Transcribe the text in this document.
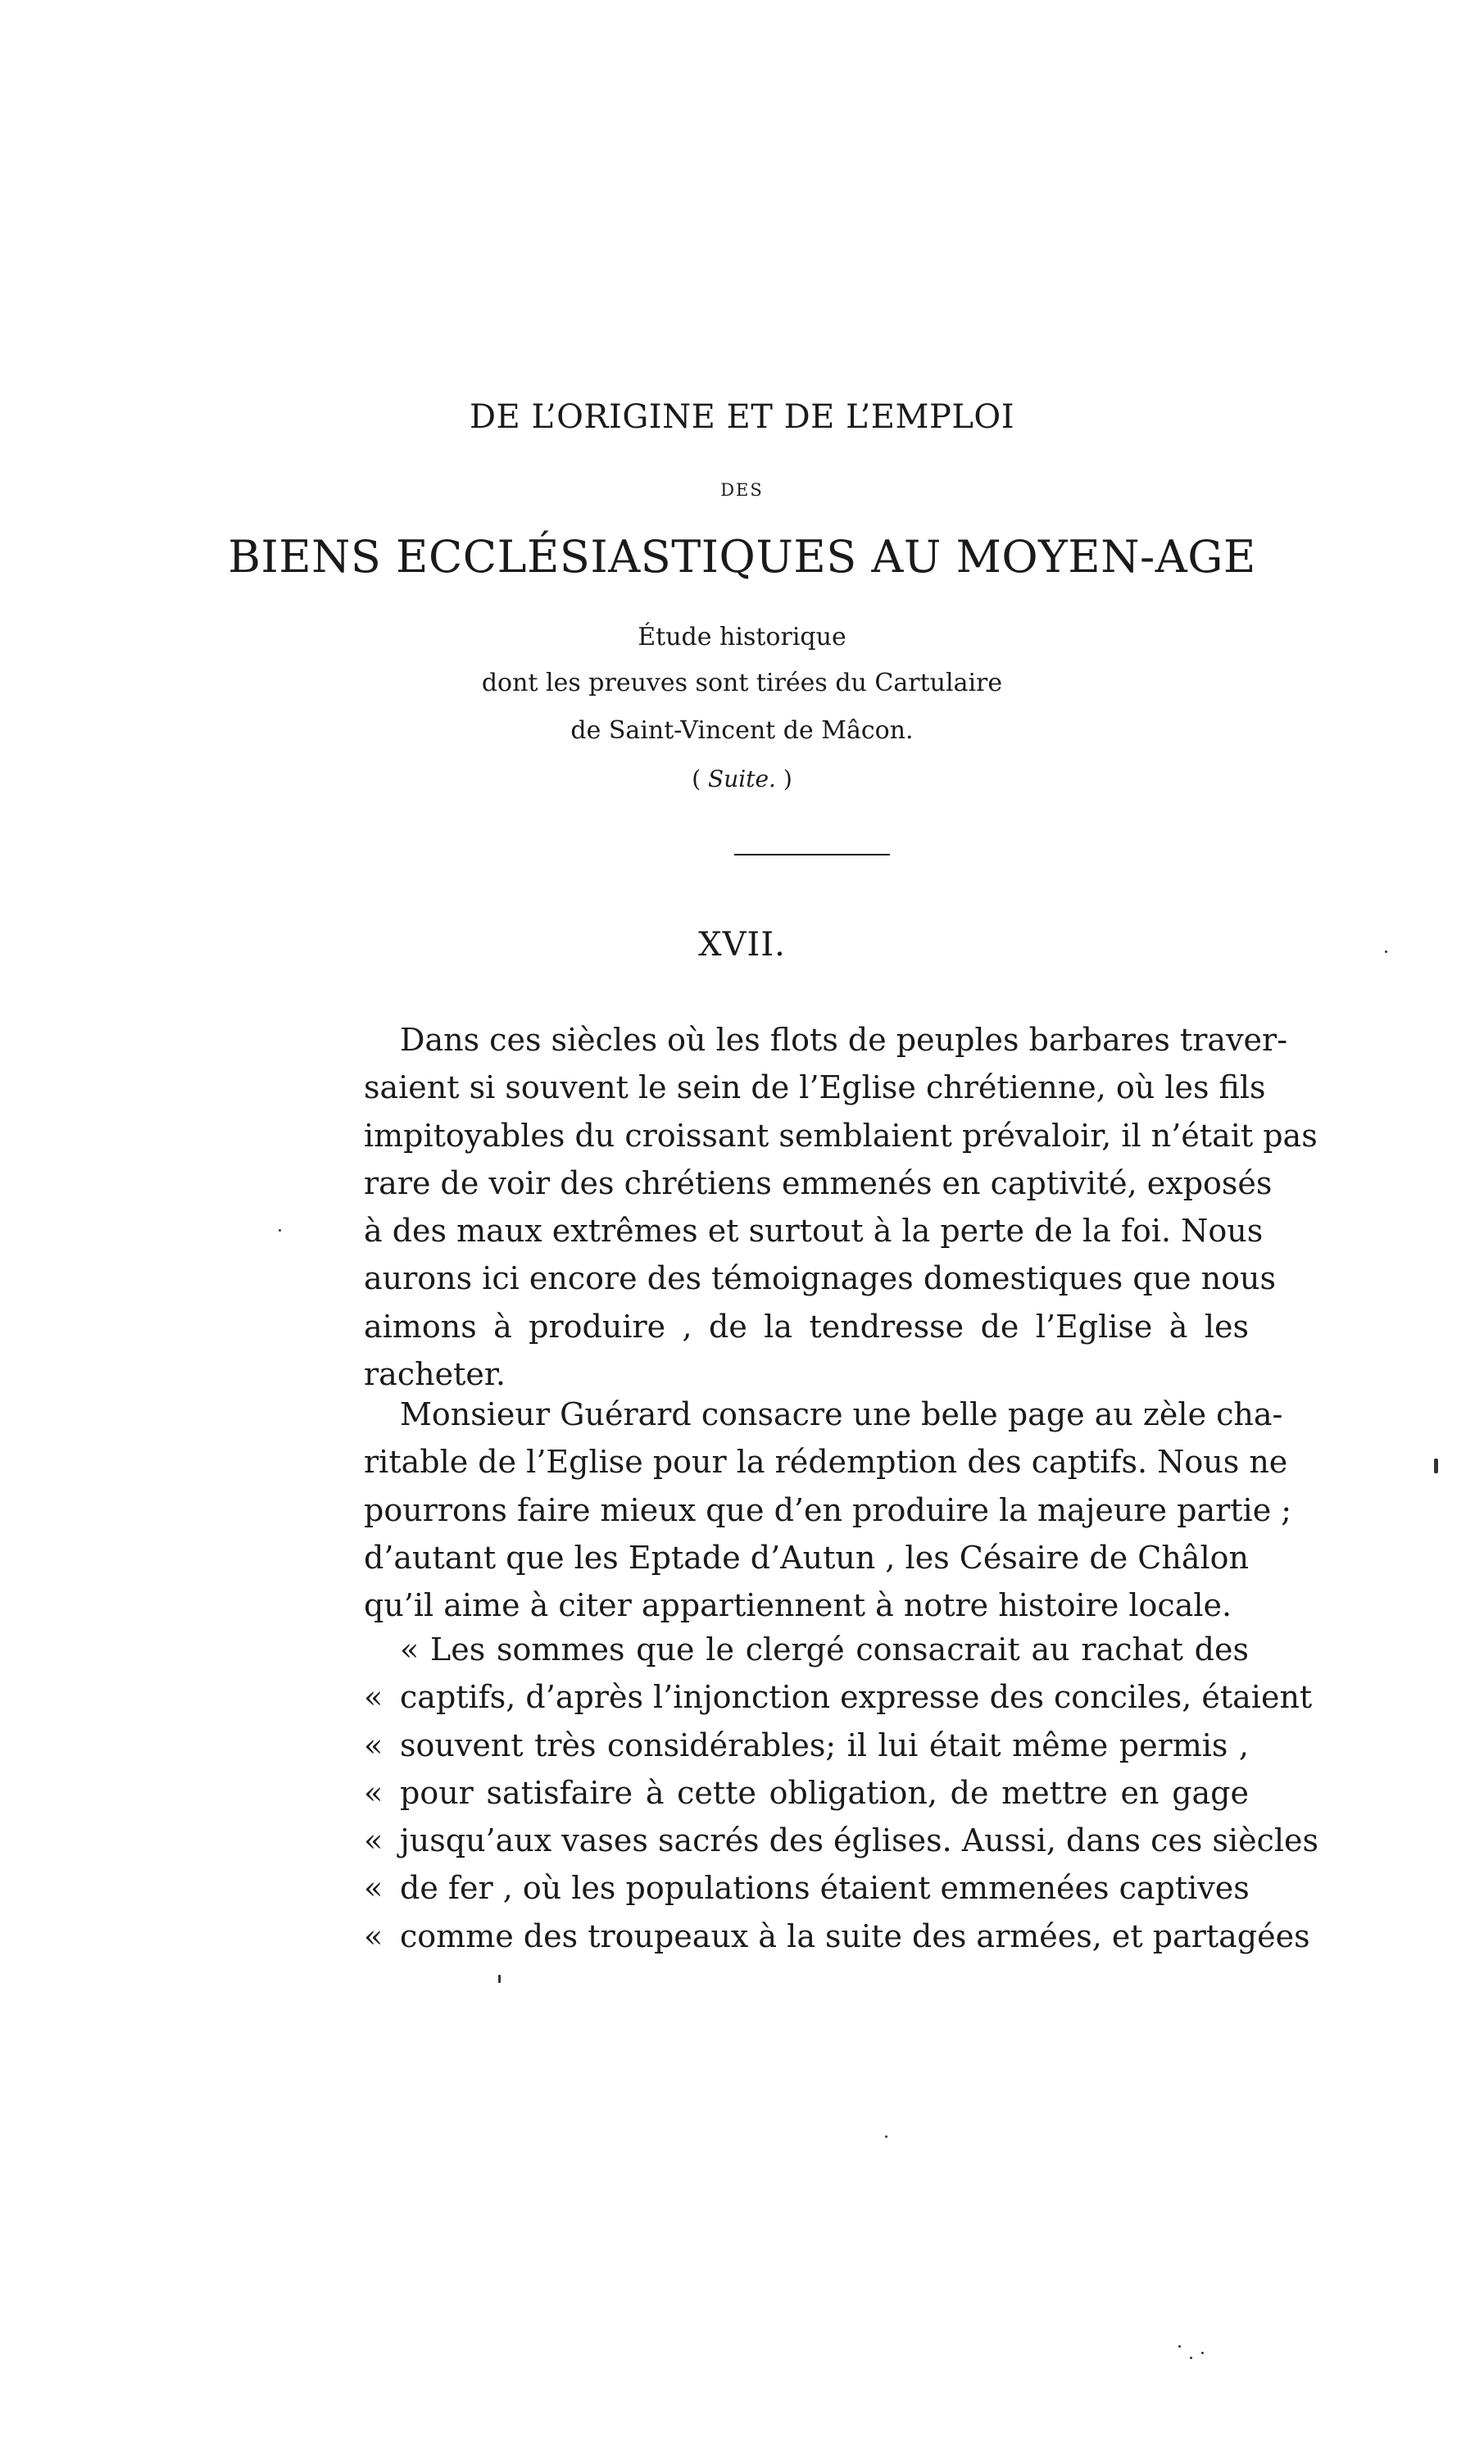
DE L’ORIGINE ET DE L’EMPLOI
DES
BIENS ECCLÉSIASTIQUES AU MOYEN-AGE
Étude historique
dont les preuves sont tirées du Cartulaire
de Saint-Vincent de Mâcon.
( Suite. )
XVII.
Dans ces siècles où les flots de peuples barbares traver-
saient si souvent le sein de l’Eglise chrétienne, où les fils
impitoyables du croissant semblaient prévaloir, il n’était pas
rare de voir des chrétiens emmenés en captivité, exposés
à des maux extrêmes et surtout à la perte de la foi. Nous
aurons ici encore des témoignages domestiques que nous
aimons à produire , de la tendresse de l’Eglise à les
racheter.
Monsieur Guérard consacre une belle page au zèle cha-
ritable de l’Eglise pour la rédemption des captifs. Nous ne
pourrons faire mieux que d’en produire la majeure partie ;
d’autant que les Eptade d’Autun , les Césaire de Châlon
qu’il aime à citer appartiennent à notre histoire locale.
« Les sommes que le clergé consacrait au rachat des
« captifs, d’après l’injonction expresse des conciles, étaient
« souvent très considérables; il lui était même permis ,
« pour satisfaire à cette obligation, de mettre en gage
« jusqu’aux vases sacrés des églises. Aussi, dans ces siècles
« de fer , où les populations étaient emmenées captives
« comme des troupeaux à la suite des armées, et partagées
